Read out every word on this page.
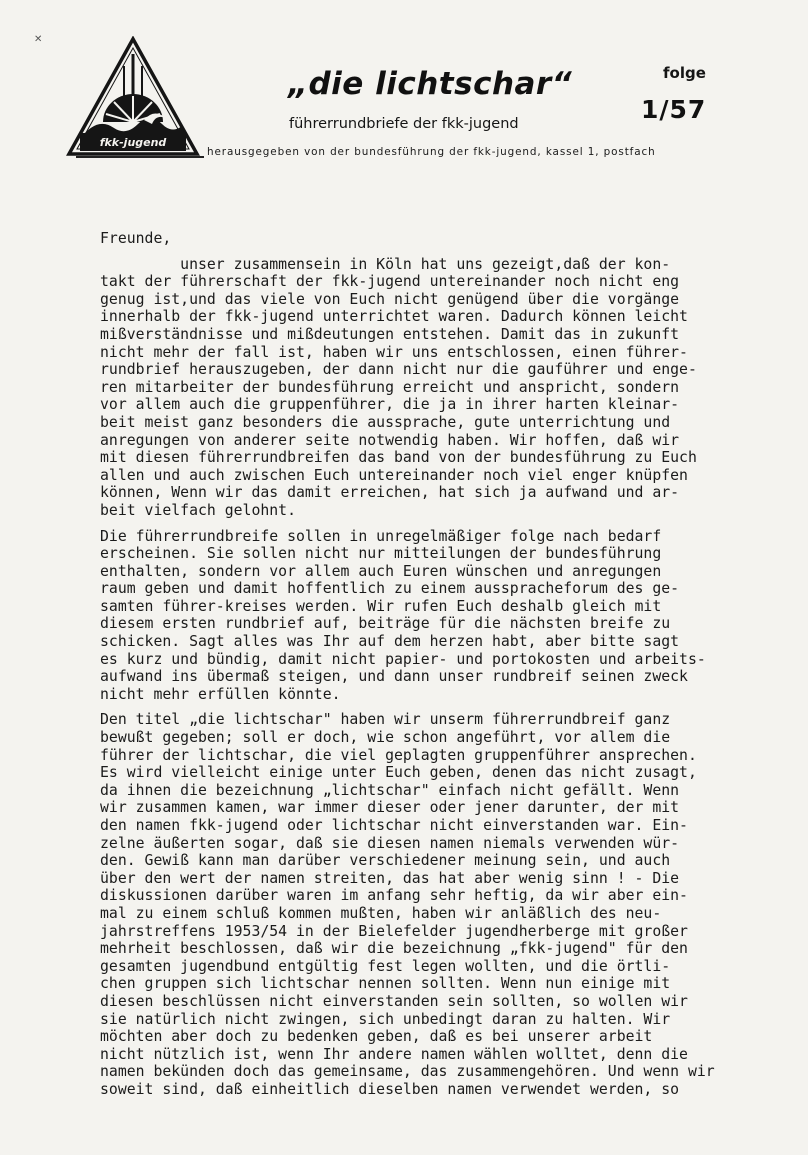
✕
fkk-jugend
„die lichtschar“
führerrundbriefe der fkk-jugend
folge
1/57
herausgegeben von der bundesführung der fkk-jugend, kassel 1, postfach
Freunde,
unser zusammensein in Köln hat uns gezeigt,daß der kon-
takt der führerschaft der fkk-jugend untereinander noch nicht eng
genug ist,und das viele von Euch nicht genügend über die vorgänge
innerhalb der fkk-jugend unterrichtet waren. Dadurch können leicht
mißverständnisse und mißdeutungen entstehen. Damit das in zukunft
nicht mehr der fall ist, haben wir uns entschlossen, einen führer-
rundbrief herauszugeben, der dann nicht nur die gauführer und enge-
ren mitarbeiter der bundesführung erreicht und anspricht, sondern
vor allem auch die gruppenführer, die ja in ihrer harten kleinar-
beit meist ganz besonders die aussprache, gute unterrichtung und
anregungen von anderer seite notwendig haben. Wir hoffen, daß wir
mit diesen führerrundbreifen das band von der bundesführung zu Euch
allen und auch zwischen Euch untereinander noch viel enger knüpfen
können, Wenn wir das damit erreichen, hat sich ja aufwand und ar-
beit vielfach gelohnt.
Die führerrundbreife sollen in unregelmäßiger folge nach bedarf
erscheinen. Sie sollen nicht nur mitteilungen der bundesführung
enthalten, sondern vor allem auch Euren wünschen und anregungen
raum geben und damit hoffentlich zu einem ausspracheforum des ge-
samten führer-kreises werden. Wir rufen Euch deshalb gleich mit
diesem ersten rundbrief auf, beiträge für die nächsten breife zu
schicken. Sagt alles was Ihr auf dem herzen habt, aber bitte sagt
es kurz und bündig, damit nicht papier- und portokosten und arbeits-
aufwand ins übermaß steigen, und dann unser rundbreif seinen zweck
nicht mehr erfüllen könnte.
Den titel „die lichtschar" haben wir unserm führerrundbreif ganz
bewußt gegeben; soll er doch, wie schon angeführt, vor allem die
führer der lichtschar, die viel geplagten gruppenführer ansprechen.
Es wird vielleicht einige unter Euch geben, denen das nicht zusagt,
da ihnen die bezeichnung „lichtschar" einfach nicht gefällt. Wenn
wir zusammen kamen, war immer dieser oder jener darunter, der mit
den namen fkk-jugend oder lichtschar nicht einverstanden war. Ein-
zelne äußerten sogar, daß sie diesen namen niemals verwenden wür-
den. Gewiß kann man darüber verschiedener meinung sein, und auch
über den wert der namen streiten, das hat aber wenig sinn ! - Die
diskussionen darüber waren im anfang sehr heftig, da wir aber ein-
mal zu einem schluß kommen mußten, haben wir anläßlich des neu-
jahrstreffens 1953/54 in der Bielefelder jugendherberge mit großer
mehrheit beschlossen, daß wir die bezeichnung „fkk-jugend" für den
gesamten jugendbund entgültig fest legen wollten, und die örtli-
chen gruppen sich lichtschar nennen sollten. Wenn nun einige mit
diesen beschlüssen nicht einverstanden sein sollten, so wollen wir
sie natürlich nicht zwingen, sich unbedingt daran zu halten. Wir
möchten aber doch zu bedenken geben, daß es bei unserer arbeit
nicht nützlich ist, wenn Ihr andere namen wählen wolltet, denn die
namen bekünden doch das gemeinsame, das zusammengehören. Und wenn wir
soweit sind, daß einheitlich dieselben namen verwendet werden, so
